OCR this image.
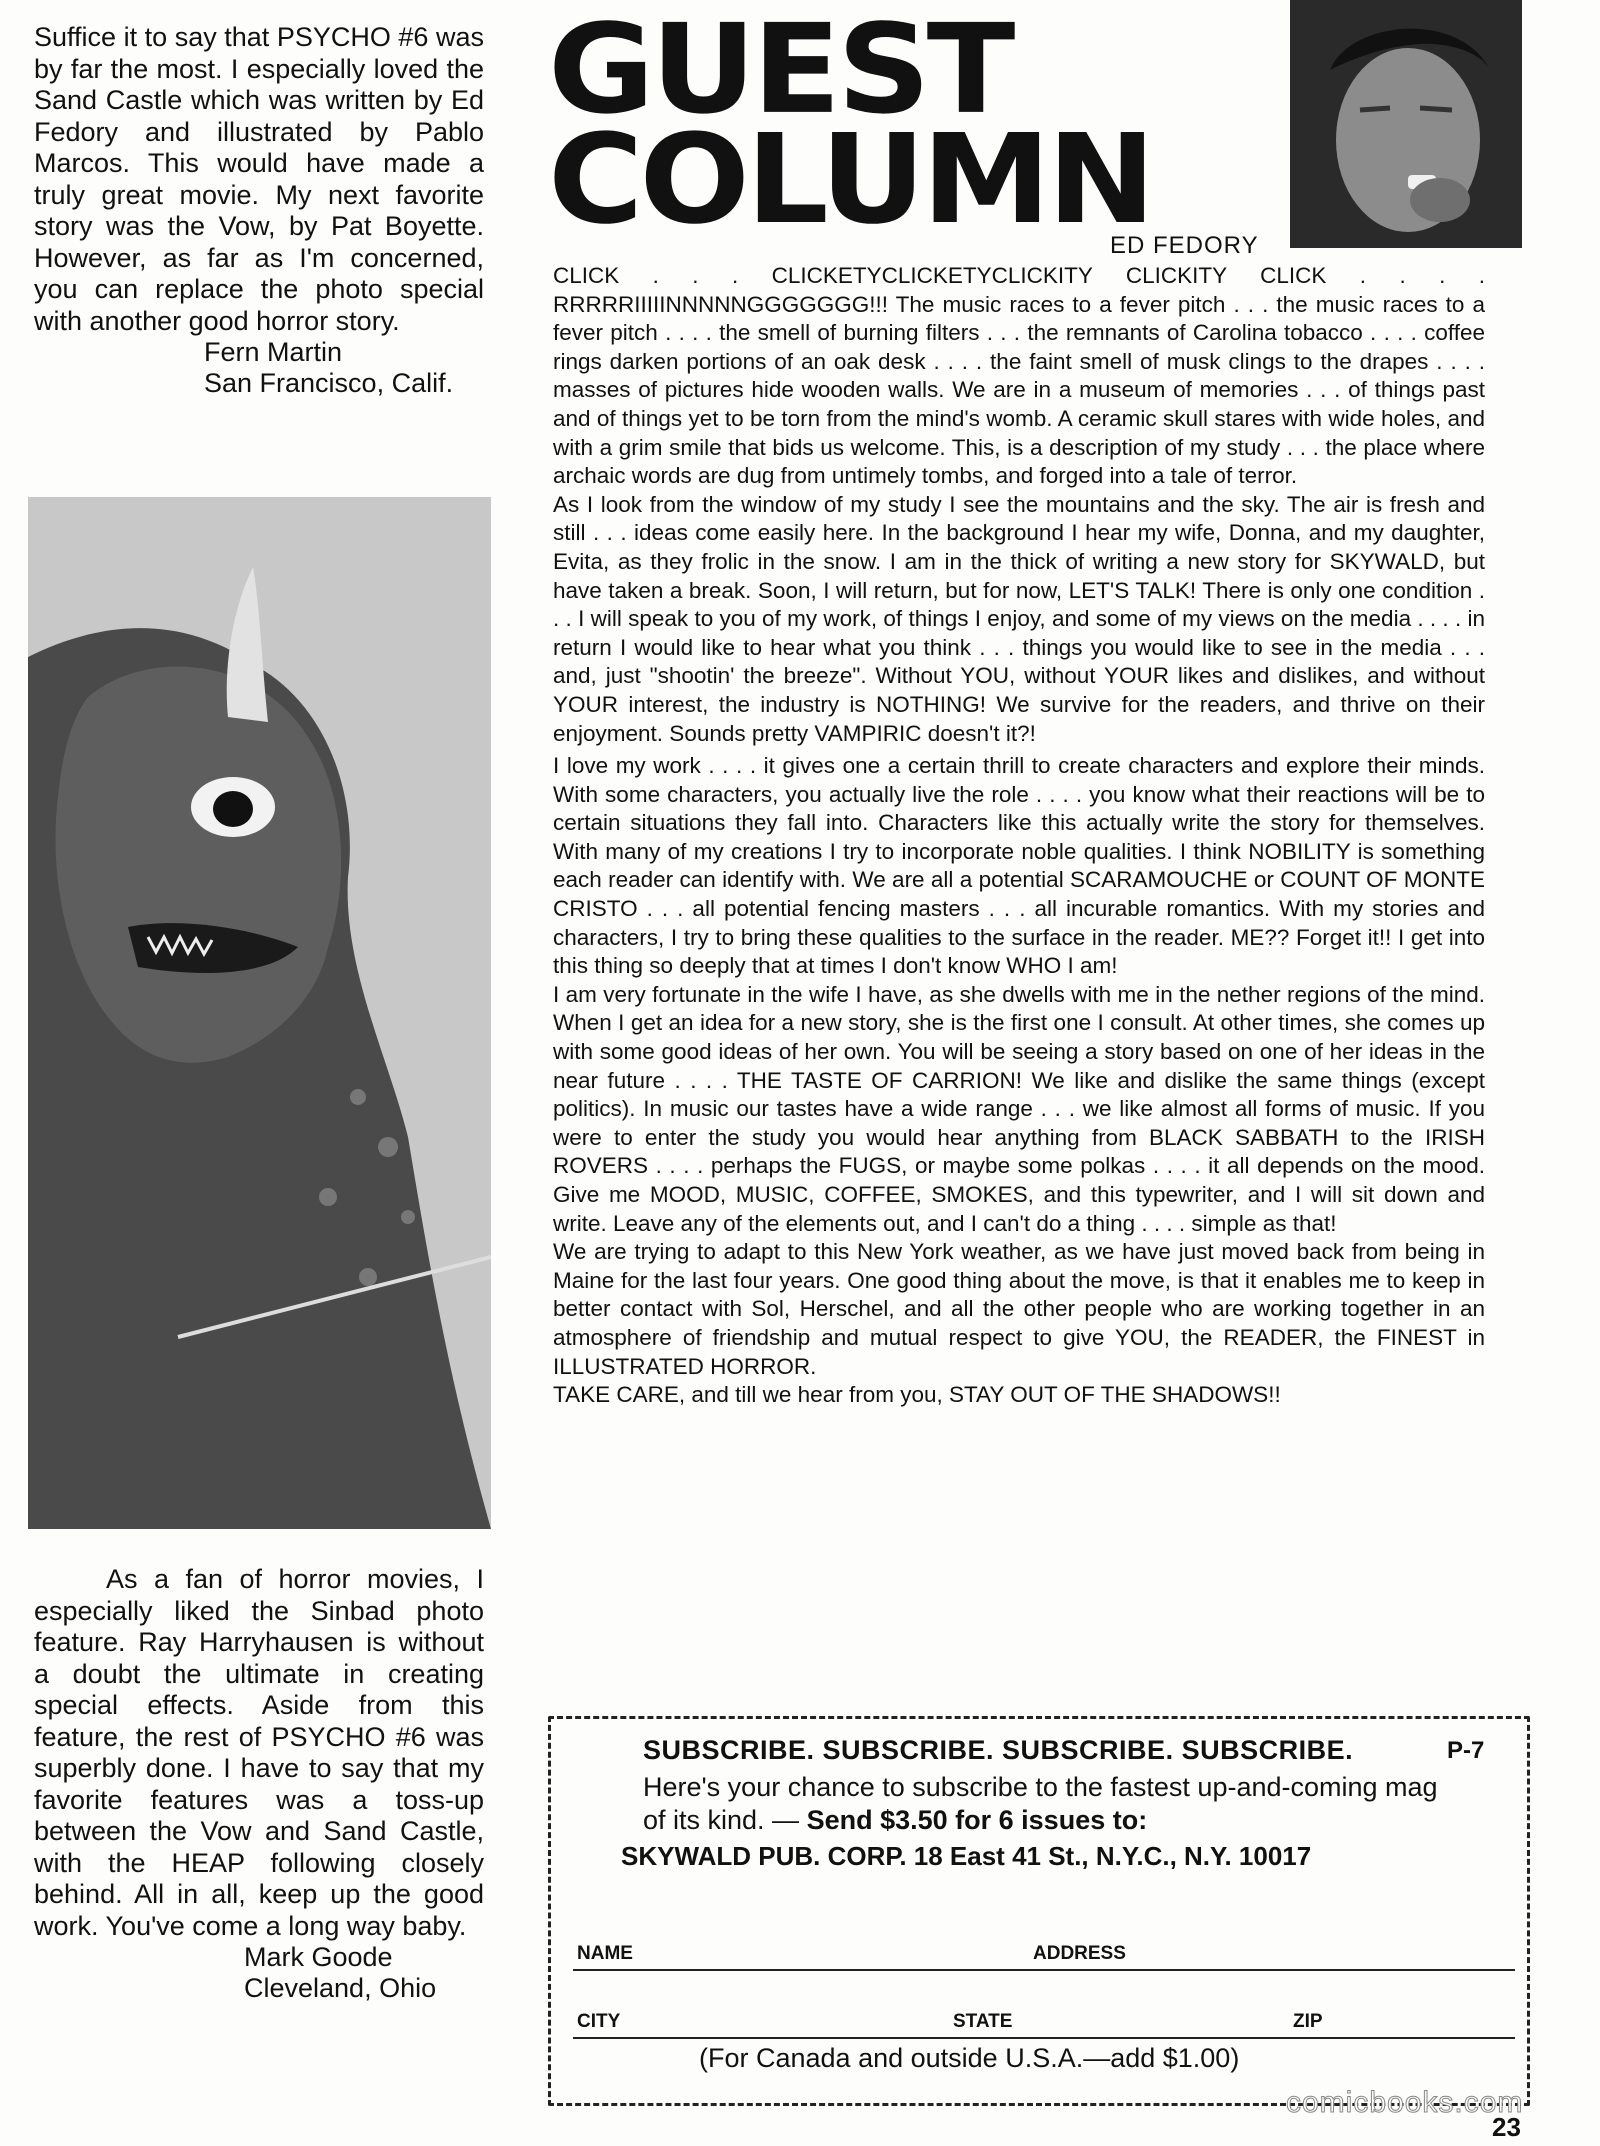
Suffice it to say that PSYCHO #6 was by far the most. I especially loved the Sand Castle which was written by Ed Fedory and illustrated by Pablo Marcos. This would have made a truly great movie. My next favorite story was the Vow, by Pat Boyette. However, as far as I'm concerned, you can replace the photo special with another good horror story.
Fern Martin
San Francisco, Calif.
As a fan of horror movies, I especially liked the Sinbad photo feature. Ray Harryhausen is without a doubt the ultimate in creating special effects. Aside from this feature, the rest of PSYCHO #6 was superbly done. I have to say that my favorite features was a toss-up between the Vow and Sand Castle, with the HEAP following closely behind. All in all, keep up the good work. You've come a long way baby.
Mark Goode
Cleveland, Ohio
GUEST
COLUMN
ED FEDORY

CLICK . . . CLICKETYCLICKETYCLICKITY CLICKITY CLICK . . . . RRRRRIIIIINNNNNGGGGGGG!!! The music races to a fever pitch . . . the music races to a fever pitch . . . . the smell of burning filters . . . the remnants of Carolina tobacco . . . . coffee rings darken portions of an oak desk . . . . the faint smell of musk clings to the drapes . . . . masses of pictures hide wooden walls. We are in a museum of memories . . . of things past and of things yet to be torn from the mind's womb. A ceramic skull stares with wide holes, and with a grim smile that bids us welcome. This, is a description of my study . . . the place where archaic words are dug from untimely tombs, and forged into a tale of terror.

As I look from the window of my study I see the mountains and the sky. The air is fresh and still . . . ideas come easily here. In the background I hear my wife, Donna, and my daughter, Evita, as they frolic in the snow. I am in the thick of writing a new story for SKYWALD, but have taken a break. Soon, I will return, but for now, LET'S TALK! There is only one condition . . . I will speak to you of my work, of things I enjoy, and some of my views on the media . . . . in return I would like to hear what you think . . . things you would like to see in the media . . . and, just "shootin' the breeze". Without YOU, without YOUR likes and dislikes, and without YOUR interest, the industry is NOTHING! We survive for the readers, and thrive on their enjoyment. Sounds pretty VAMPIRIC doesn't it?!

I love my work . . . . it gives one a certain thrill to create characters and explore their minds. With some characters, you actually live the role . . . . you know what their reactions will be to certain situations they fall into. Characters like this actually write the story for themselves. With many of my creations I try to incorporate noble qualities. I think NOBILITY is something each reader can identify with. We are all a potential SCARAMOUCHE or COUNT OF MONTE CRISTO . . . all potential fencing masters . . . all incurable romantics. With my stories and characters, I try to bring these qualities to the surface in the reader. ME?? Forget it!! I get into this thing so deeply that at times I don't know WHO I am!

I am very fortunate in the wife I have, as she dwells with me in the nether regions of the mind. When I get an idea for a new story, she is the first one I consult. At other times, she comes up with some good ideas of her own. You will be seeing a story based on one of her ideas in the near future . . . . THE TASTE OF CARRION! We like and dislike the same things (except politics). In music our tastes have a wide range . . . we like almost all forms of music. If you were to enter the study you would hear anything from BLACK SABBATH to the IRISH ROVERS . . . . perhaps the FUGS, or maybe some polkas . . . . it all depends on the mood. Give me MOOD, MUSIC, COFFEE, SMOKES, and this typewriter, and I will sit down and write. Leave any of the elements out, and I can't do a thing . . . . simple as that!

We are trying to adapt to this New York weather, as we have just moved back from being in Maine for the last four years. One good thing about the move, is that it enables me to keep in better contact with Sol, Herschel, and all the other people who are working together in an atmosphere of friendship and mutual respect to give YOU, the READER, the FINEST in ILLUSTRATED HORROR.

TAKE CARE, and till we hear from you, STAY OUT OF THE SHADOWS!!

SUBSCRIBE. SUBSCRIBE. SUBSCRIBE. SUBSCRIBE.	P-7
Here's your chance to subscribe to the fastest up-and-coming mag of its kind. — Send $3.50 for 6 issues to:
SKYWALD PUB. CORP. 18 East 41 St., N.Y.C., N.Y. 10017
NAME	ADDRESS
CITY	STATE	ZIP
(For Canada and outside U.S.A.—add $1.00)
comicbooks.com
23
